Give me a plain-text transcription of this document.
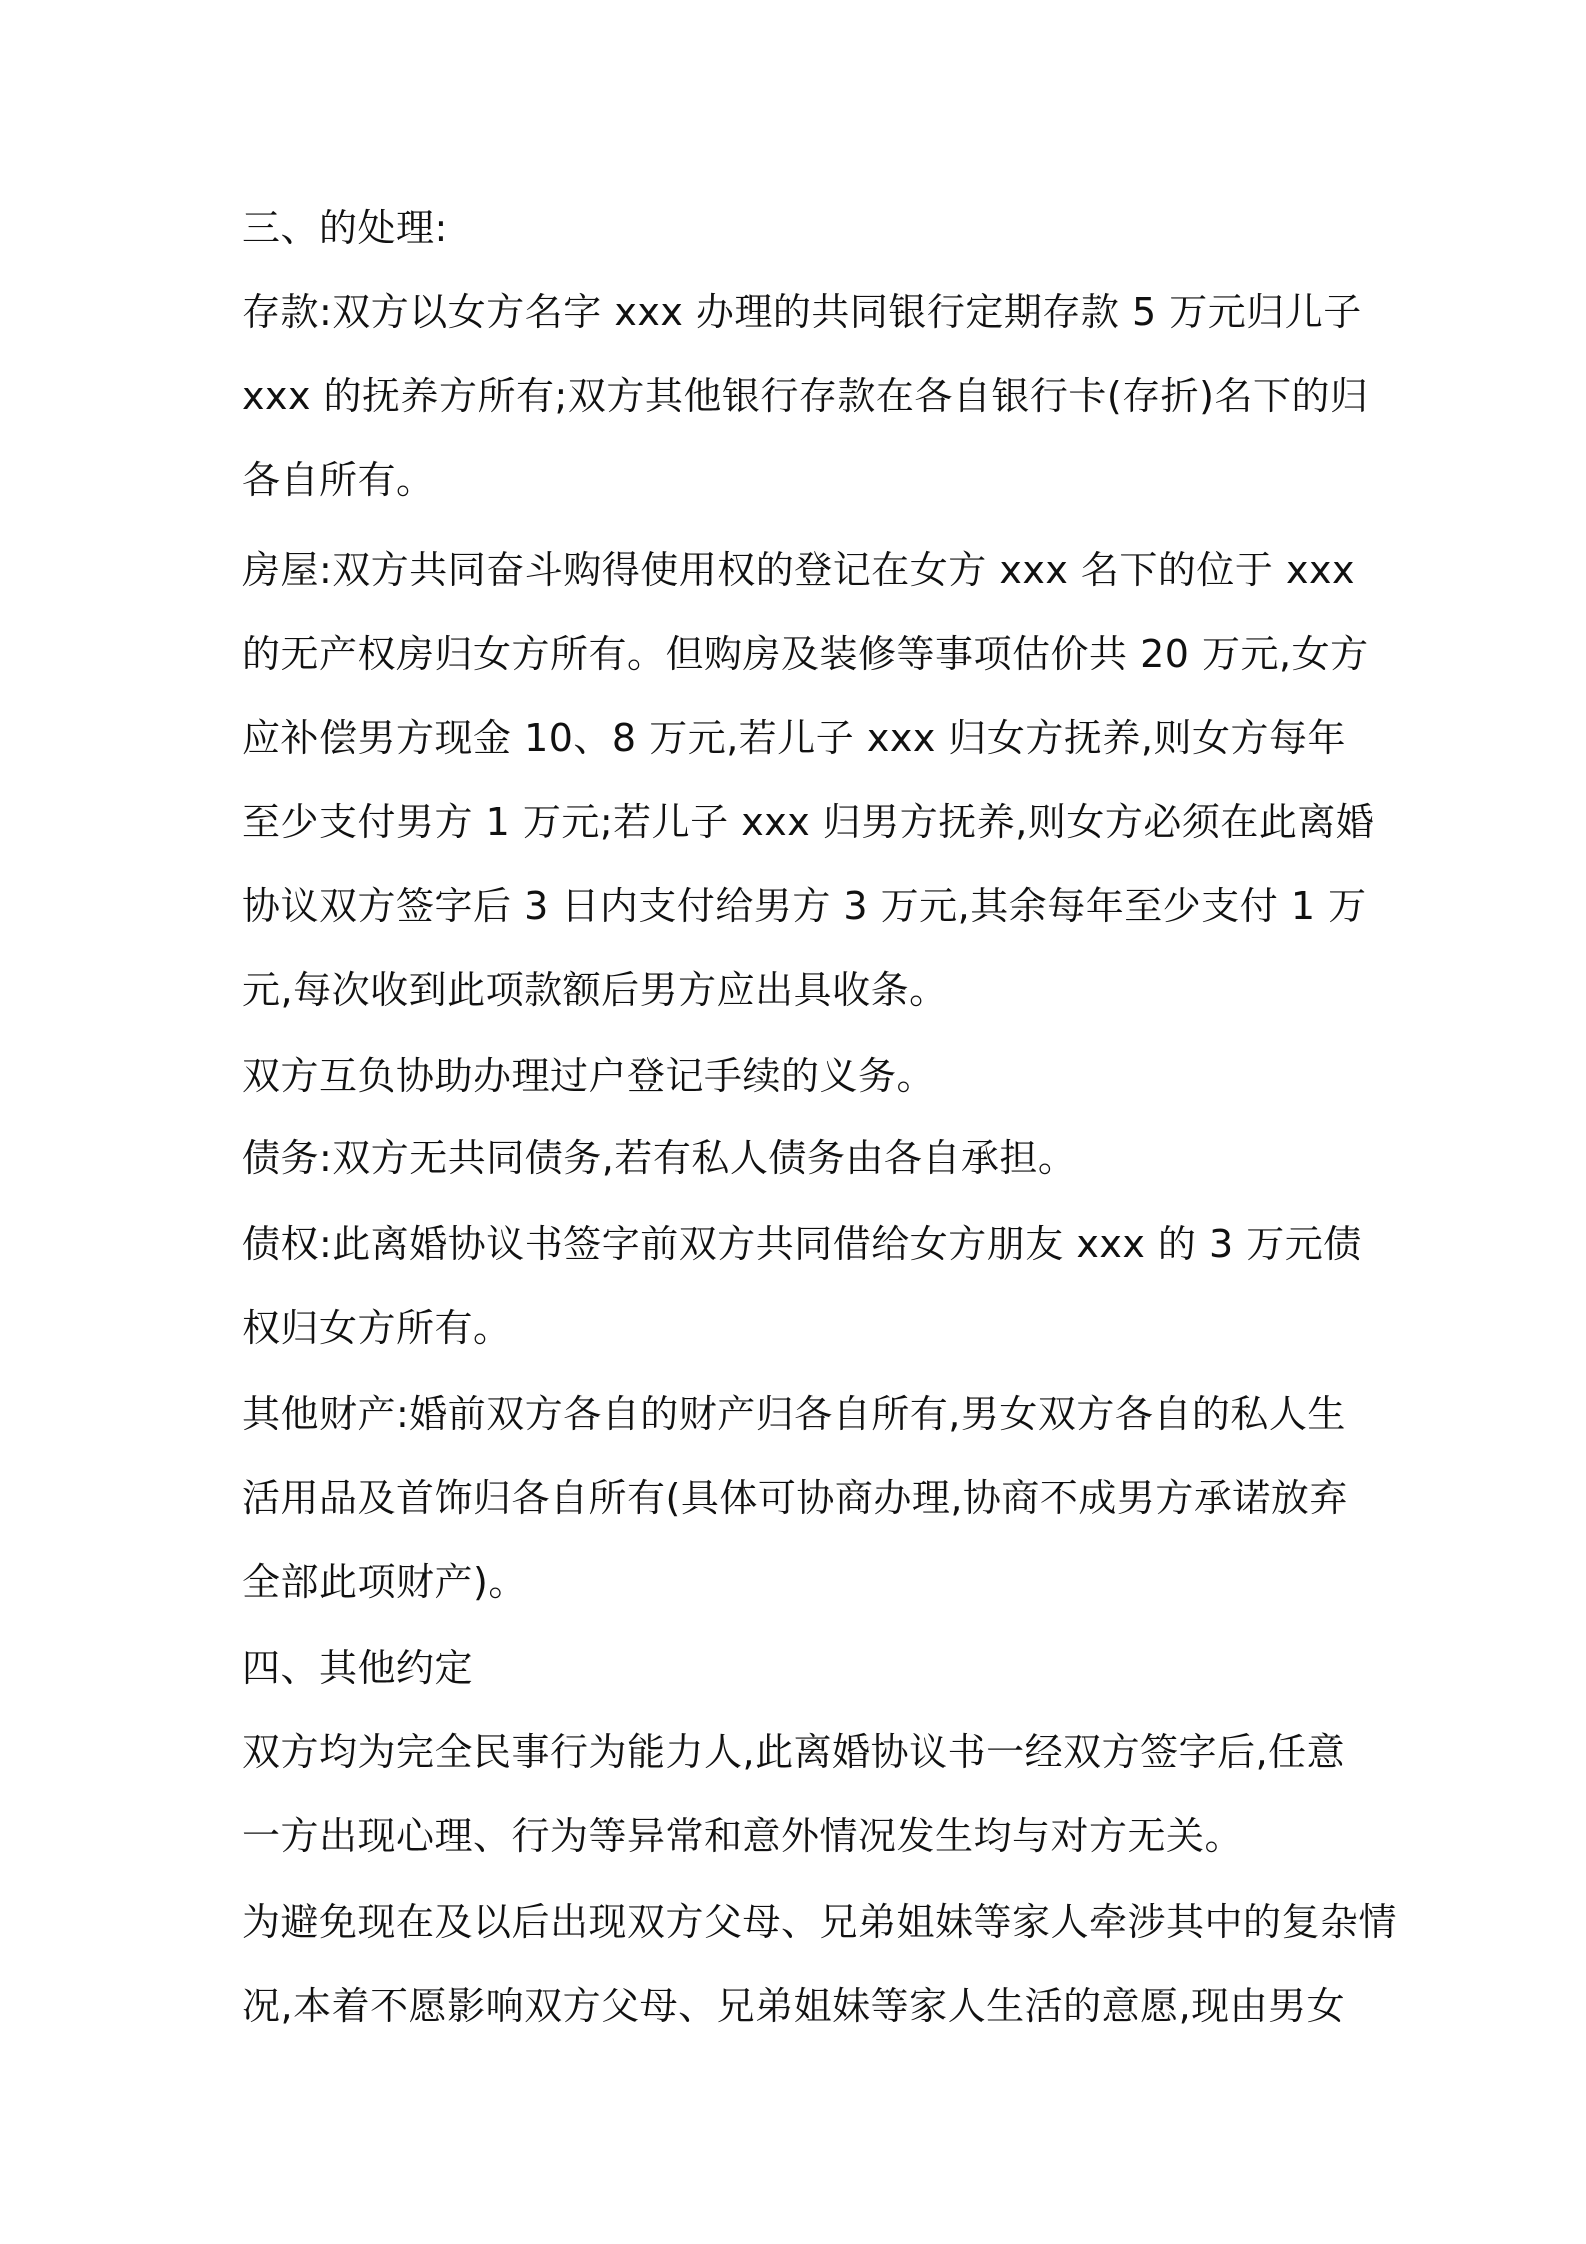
三、的处理:
存款:双方以女方名字 xxx 办理的共同银行定期存款 5 万元归儿子
xxx 的抚养方所有;双方其他银行存款在各自银行卡(存折)名下的归
各自所有。
房屋:双方共同奋斗购得使用权的登记在女方 xxx 名下的位于 xxx
的无产权房归女方所有。但购房及装修等事项估价共 20 万元,女方
应补偿男方现金 10、8 万元,若儿子 xxx 归女方抚养,则女方每年
至少支付男方 1 万元;若儿子 xxx 归男方抚养,则女方必须在此离婚
协议双方签字后 3 日内支付给男方 3 万元,其余每年至少支付 1 万
元,每次收到此项款额后男方应出具收条。
双方互负协助办理过户登记手续的义务。
债务:双方无共同债务,若有私人债务由各自承担。
债权:此离婚协议书签字前双方共同借给女方朋友 xxx 的 3 万元债
权归女方所有。
其他财产:婚前双方各自的财产归各自所有,男女双方各自的私人生
活用品及首饰归各自所有(具体可协商办理,协商不成男方承诺放弃
全部此项财产)。
四、其他约定
双方均为完全民事行为能力人,此离婚协议书一经双方签字后,任意
一方出现心理、行为等异常和意外情况发生均与对方无关。
为避免现在及以后出现双方父母、兄弟姐妹等家人牵涉其中的复杂情
况,本着不愿影响双方父母、兄弟姐妹等家人生活的意愿,现由男女
